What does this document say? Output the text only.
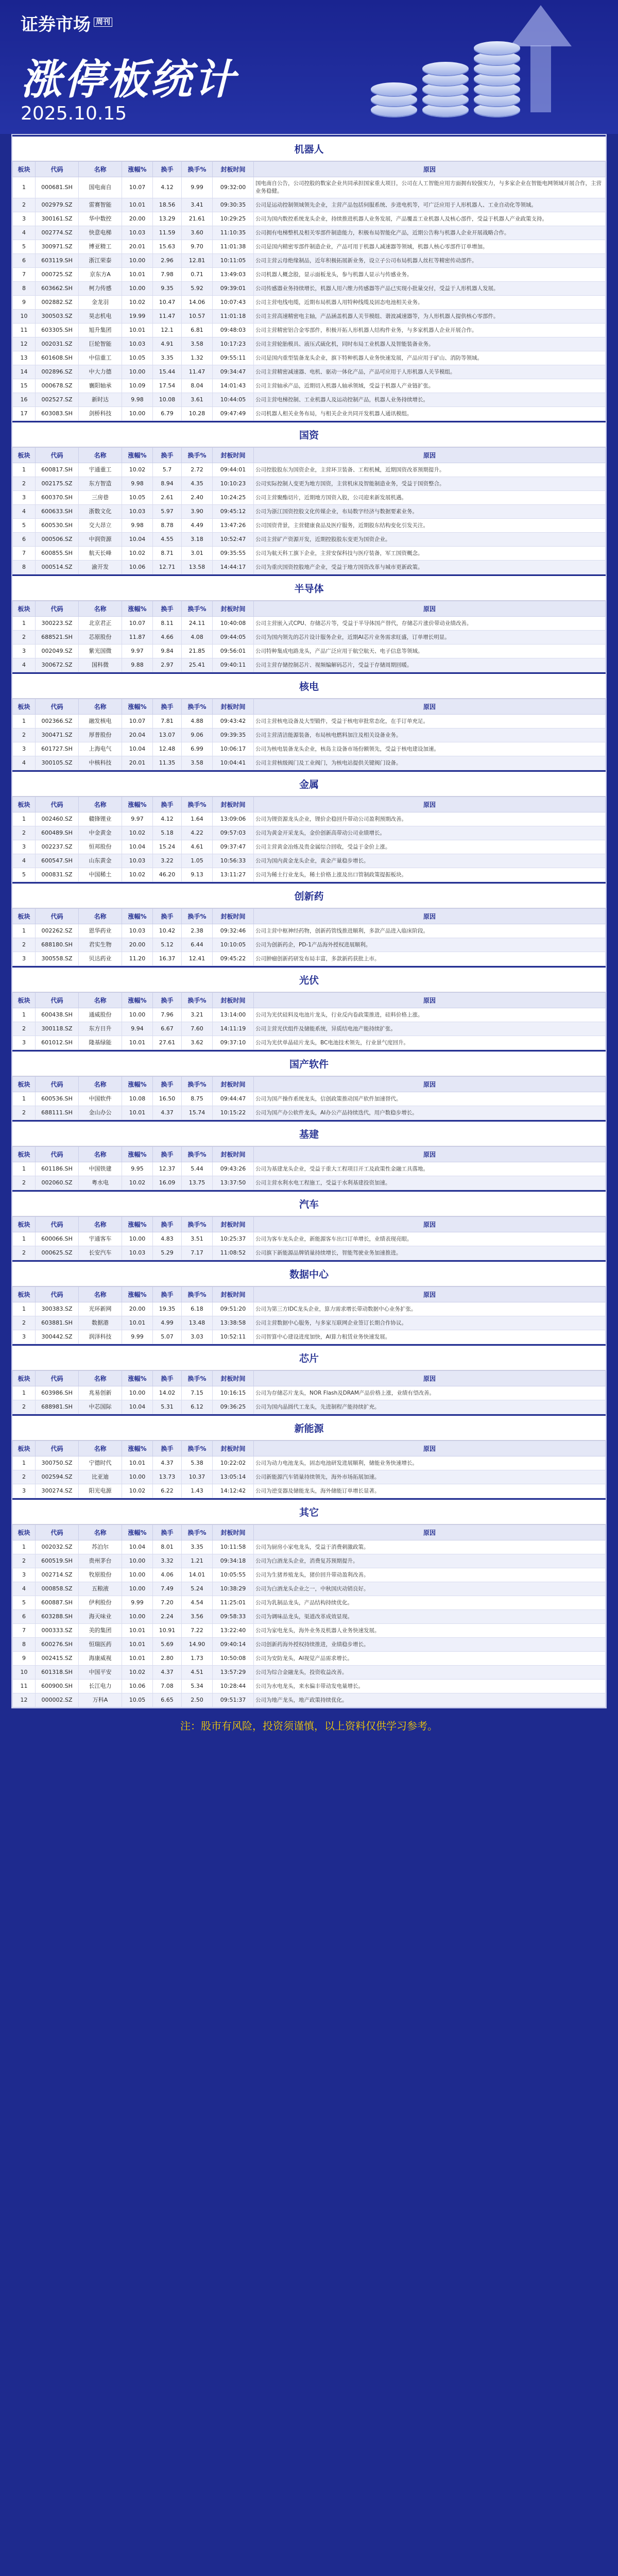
证券市场 $^{周刊}$
涨停板统计
2025.10.15
机器人
板块	代码	名称	涨幅%	换手	换手%	封板时间	原因
1	000681.SH	国电南自	10.07	4.12	9.99	09:32:00	国电南自公告，公司控股的数家企业共同承担国家重大项目，公司在人工智能应用方面拥有较强实力，与多家企业在智能电网领域开展合作，主营业务稳健。
2	002979.SZ	雷赛智能	10.01	18.56	3.41	09:30:35	公司是运动控制领域领先企业，主营产品包括伺服系统、步进电机等，可广泛应用于人形机器人、工业自动化等领域。
3	300161.SZ	华中数控	20.00	13.29	21.61	10:29:25	公司为国内数控系统龙头企业，持续推进机器人业务发展，产品覆盖工业机器人及核心部件，受益于机器人产业政策支持。
4	002774.SZ	快意电梯	10.03	11.59	3.60	11:10:35	公司拥有电梯整机及相关零部件制造能力，积极布局智能化产品，近期公告称与机器人企业开展战略合作。
5	300971.SZ	博亚精工	20.01	15.63	9.70	11:01:38	公司是国内精密零部件制造企业，产品可用于机器人减速器等领域，机器人核心零部件订单增加。
6	603119.SH	浙江荣泰	10.00	2.96	12.81	10:11:05	公司主营云母绝缘制品，近年积极拓展新业务，设立子公司布局机器人丝杠等精密传动部件。
7	000725.SZ	京东方A	10.01	7.98	0.71	13:49:03	公司机器人概念股，显示面板龙头，参与机器人显示与传感业务。
8	603662.SH	柯力传感	10.00	9.35	5.92	09:39:01	公司传感器业务持续增长，机器人用六维力传感器等产品已实现小批量交付，受益于人形机器人发展。
9	002882.SZ	金龙羽	10.02	10.47	14.06	10:07:43	公司主营电线电缆，近期布局机器人用特种线缆及固态电池相关业务。
10	300503.SZ	昊志机电	19.99	11.47	10.57	11:01:18	公司主营高速精密电主轴，产品涵盖机器人关节模组、谐波减速器等，为人形机器人提供核心零部件。
11	603305.SH	旭升集团	10.01	12.1	6.81	09:48:03	公司主营精密铝合金零部件，积极开拓人形机器人结构件业务，与多家机器人企业开展合作。
12	002031.SZ	巨轮智能	10.03	4.91	3.58	10:17:23	公司主营轮胎模具、液压式硫化机，同时布局工业机器人及智能装备业务。
13	601608.SH	中信重工	10.05	3.35	1.32	09:55:11	公司是国内重型装备龙头企业，旗下特种机器人业务快速发展，产品应用于矿山、消防等领域。
14	002896.SZ	中大力德	10.00	15.44	11.47	09:34:47	公司主营精密减速器、电机、驱动一体化产品，产品可应用于人形机器人关节模组。
15	000678.SZ	襄阳轴承	10.09	17.54	8.04	14:01:43	公司主营轴承产品，近期切入机器人轴承领域，受益于机器人产业链扩张。
16	002527.SZ	新时达	9.98	10.08	3.61	10:44:05	公司主营电梯控制、工业机器人及运动控制产品，机器人业务持续增长。
17	603083.SH	剑桥科技	10.00	6.79	10.28	09:47:49	公司机器人相关业务布局，与相关企业共同开发机器人通讯模组。
国资
板块	代码	名称	涨幅%	换手	换手%	封板时间	原因
1	600817.SH	宇通重工	10.02	5.7	2.72	09:44:01	公司控股股东为国资企业，主营环卫装备、工程机械，近期国资改革预期提升。
2	002175.SZ	东方智造	9.98	8.94	4.35	10:10:23	公司实际控制人变更为地方国资，主营机床及智能制造业务，受益于国资整合。
3	600370.SH	三房巷	10.05	2.61	2.40	10:24:25	公司主营聚酯切片，近期地方国资入股，公司迎来新发展机遇。
4	600633.SH	浙数文化	10.03	5.97	3.90	09:45:12	公司为浙江国资控股文化传媒企业，布局数字经济与数据要素业务。
5	600530.SH	交大昂立	9.98	8.78	4.49	13:47:26	公司国资背景，主营健康食品及医疗服务，近期股东结构变化引发关注。
6	000506.SZ	中润资源	10.04	4.55	3.18	10:52:47	公司主营矿产资源开发，近期控股股东变更为国资企业。
7	600855.SH	航天长峰	10.02	8.71	3.01	09:35:55	公司为航天科工旗下企业，主营安保科技与医疗装备，军工国资概念。
8	000514.SZ	渝开发	10.06	12.71	13.58	14:44:17	公司为重庆国资控股地产企业，受益于地方国资改革与城市更新政策。
半导体
板块	代码	名称	涨幅%	换手	换手%	封板时间	原因
1	300223.SZ	北京君正	10.07	8.11	24.11	10:40:08	公司主营嵌入式CPU、存储芯片等，受益于半导体国产替代，存储芯片涨价带动业绩改善。
2	688521.SH	芯原股份	11.87	4.66	4.08	09:44:05	公司为国内领先的芯片设计服务企业，近期AI芯片业务需求旺盛，订单增长明显。
3	002049.SZ	紫光国微	9.97	9.84	21.85	09:56:01	公司特种集成电路龙头，产品广泛应用于航空航天、电子信息等领域。
4	300672.SZ	国科微	9.88	2.97	25.41	09:40:11	公司主营存储控制芯片、视频编解码芯片，受益于存储周期回暖。
核电
板块	代码	名称	涨幅%	换手	换手%	封板时间	原因
1	002366.SZ	融发核电	10.07	7.81	4.88	09:43:42	公司主营核电设备及大型锻件，受益于核电审批常态化，在手订单充足。
2	300471.SZ	厚普股份	20.04	13.07	9.06	09:39:35	公司主营清洁能源装备，布局核电燃料加注及相关设备业务。
3	601727.SH	上海电气	10.04	12.48	6.99	10:06:17	公司为核电装备龙头企业，核岛主设备市场份额领先，受益于核电建设加速。
4	300105.SZ	中核科技	20.01	11.35	3.58	10:04:41	公司主营核级阀门及工业阀门，为核电站提供关键阀门设备。
金属
板块	代码	名称	涨幅%	换手	换手%	封板时间	原因
1	002460.SZ	赣锋锂业	9.97	4.12	1.64	13:09:06	公司为锂资源龙头企业，锂价企稳回升带动公司盈利预期改善。
2	600489.SH	中金黄金	10.02	5.18	4.22	09:57:03	公司为黄金开采龙头，金价创新高带动公司业绩增长。
3	002237.SZ	恒邦股份	10.04	15.24	4.61	09:37:47	公司主营黄金冶炼及贵金属综合回收，受益于金价上涨。
4	600547.SH	山东黄金	10.03	3.22	1.05	10:56:33	公司为国内黄金龙头企业，黄金产量稳步增长。
5	000831.SZ	中国稀土	10.02	46.20	9.13	13:11:27	公司为稀土行业龙头，稀土价格上涨及出口管制政策提振板块。
创新药
板块	代码	名称	涨幅%	换手	换手%	封板时间	原因
1	002262.SZ	恩华药业	10.03	10.42	2.38	09:32:46	公司主营中枢神经药物，创新药管线推进顺利，多款产品进入临床阶段。
2	688180.SH	君实生物	20.00	5.12	6.44	10:10:05	公司为创新药企，PD-1产品海外授权进展顺利。
3	300558.SZ	贝达药业	11.20	16.37	12.41	09:45:22	公司肿瘤创新药研发布局丰富，多款新药获批上市。
光伏
板块	代码	名称	涨幅%	换手	换手%	封板时间	原因
1	600438.SH	通威股份	10.00	7.96	3.21	13:14:00	公司为光伏硅料及电池片龙头，行业反内卷政策推进，硅料价格上涨。
2	300118.SZ	东方日升	9.94	6.67	7.60	14:11:19	公司主营光伏组件及储能系统，异质结电池产能持续扩张。
3	601012.SH	隆基绿能	10.01	27.61	3.62	09:37:10	公司为光伏单晶硅片龙头，BC电池技术领先，行业景气度回升。
国产软件
板块	代码	名称	涨幅%	换手	换手%	封板时间	原因
1	600536.SH	中国软件	10.08	16.50	8.75	09:44:47	公司为国产操作系统龙头，信创政策推动国产软件加速替代。
2	688111.SH	金山办公	10.01	4.37	15.74	10:15:22	公司为国产办公软件龙头，AI办公产品持续迭代，用户数稳步增长。
基建
板块	代码	名称	涨幅%	换手	换手%	封板时间	原因
1	601186.SH	中国铁建	9.95	12.37	5.44	09:43:26	公司为基建龙头企业，受益于重大工程项目开工及政策性金融工具落地。
2	002060.SZ	粤水电	10.02	16.09	13.75	13:37:50	公司主营水利水电工程施工，受益于水利基建投资加速。
汽车
板块	代码	名称	涨幅%	换手	换手%	封板时间	原因
1	600066.SH	宇通客车	10.00	4.83	3.51	10:25:37	公司为客车龙头企业，新能源客车出口订单增长，业绩表现亮眼。
2	000625.SZ	长安汽车	10.03	5.29	7.17	11:08:52	公司旗下新能源品牌销量持续增长，智能驾驶业务加速推进。
数据中心
板块	代码	名称	涨幅%	换手	换手%	封板时间	原因
1	300383.SZ	光环新网	20.00	19.35	6.18	09:51:20	公司为第三方IDC龙头企业，算力需求增长带动数据中心业务扩张。
2	603881.SH	数据港	10.01	4.99	13.48	13:38:58	公司主营数据中心服务，与多家互联网企业签订长期合作协议。
3	300442.SZ	润泽科技	9.99	5.07	3.03	10:52:11	公司智算中心建设进度加快，AI算力租赁业务快速发展。
芯片
板块	代码	名称	涨幅%	换手	换手%	封板时间	原因
1	603986.SH	兆易创新	10.00	14.02	7.15	10:16:15	公司为存储芯片龙头，NOR Flash及DRAM产品价格上涨，业绩有望改善。
2	688981.SH	中芯国际	10.04	5.31	6.12	09:36:25	公司为国内晶圆代工龙头，先进制程产能持续扩充。
新能源
板块	代码	名称	涨幅%	换手	换手%	封板时间	原因
1	300750.SZ	宁德时代	10.01	4.37	5.38	10:22:02	公司为动力电池龙头，固态电池研发进展顺利，储能业务快速增长。
2	002594.SZ	比亚迪	10.00	13.73	10.37	13:05:14	公司新能源汽车销量持续领先，海外市场拓展加速。
3	300274.SZ	阳光电源	10.02	6.22	1.43	14:12:42	公司为逆变器及储能龙头，海外储能订单增长显著。
其它
板块	代码	名称	涨幅%	换手	换手%	封板时间	原因
1	002032.SZ	苏泊尔	10.04	8.01	3.35	10:11:58	公司为厨房小家电龙头，受益于消费刺激政策。
2	600519.SH	贵州茅台	10.00	3.32	1.21	09:34:18	公司为白酒龙头企业，消费复苏预期提升。
3	002714.SZ	牧原股份	10.00	4.06	14.01	10:05:55	公司为生猪养殖龙头，猪价回升带动盈利改善。
4	000858.SZ	五粮液	10.00	7.49	5.24	10:38:29	公司为白酒龙头企业之一，中秋国庆动销良好。
5	600887.SH	伊利股份	9.99	7.20	4.54	11:25:01	公司为乳制品龙头，产品结构持续优化。
6	603288.SH	海天味业	10.00	2.24	3.56	09:58:33	公司为调味品龙头，渠道改革成效显现。
7	000333.SZ	美的集团	10.01	10.91	7.22	13:22:40	公司为家电龙头，海外业务及机器人业务快速发展。
8	600276.SH	恒瑞医药	10.01	5.69	14.90	09:40:14	公司创新药海外授权持续推进，业绩稳步增长。
9	002415.SZ	海康威视	10.01	2.80	1.73	10:50:08	公司为安防龙头，AI视觉产品需求增长。
10	601318.SH	中国平安	10.02	4.37	4.51	13:57:29	公司为综合金融龙头，投资收益改善。
11	600900.SH	长江电力	10.06	7.08	5.34	10:28:44	公司为水电龙头，来水偏丰带动发电量增长。
12	000002.SZ	万科A	10.05	6.65	2.50	09:51:37	公司为地产龙头，地产政策持续优化。
注：股市有风险，投资须谨慎，以上资料仅供学习参考。
